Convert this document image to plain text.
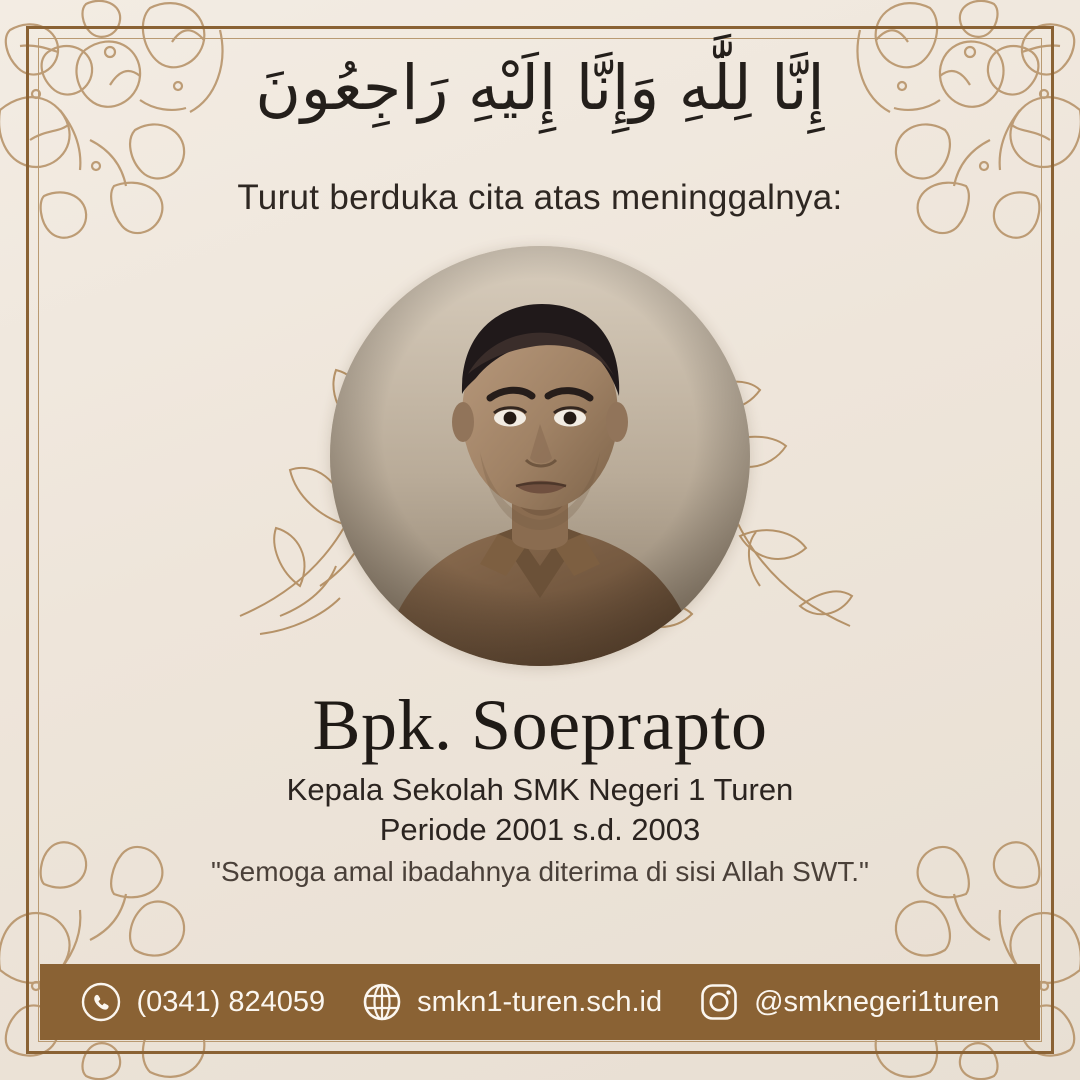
إِنَّا لِلَّٰهِ وَإِنَّا إِلَيْهِ رَاجِعُونَ
Turut berduka cita atas meninggalnya:
Bpk. Soeprapto
Kepala Sekolah SMK Negeri 1 Turen
Periode 2001 s.d. 2003
"Semoga amal ibadahnya diterima di sisi Allah SWT."
(0341) 824059	smkn1-turen.sch.id	@smknegeri1turen
